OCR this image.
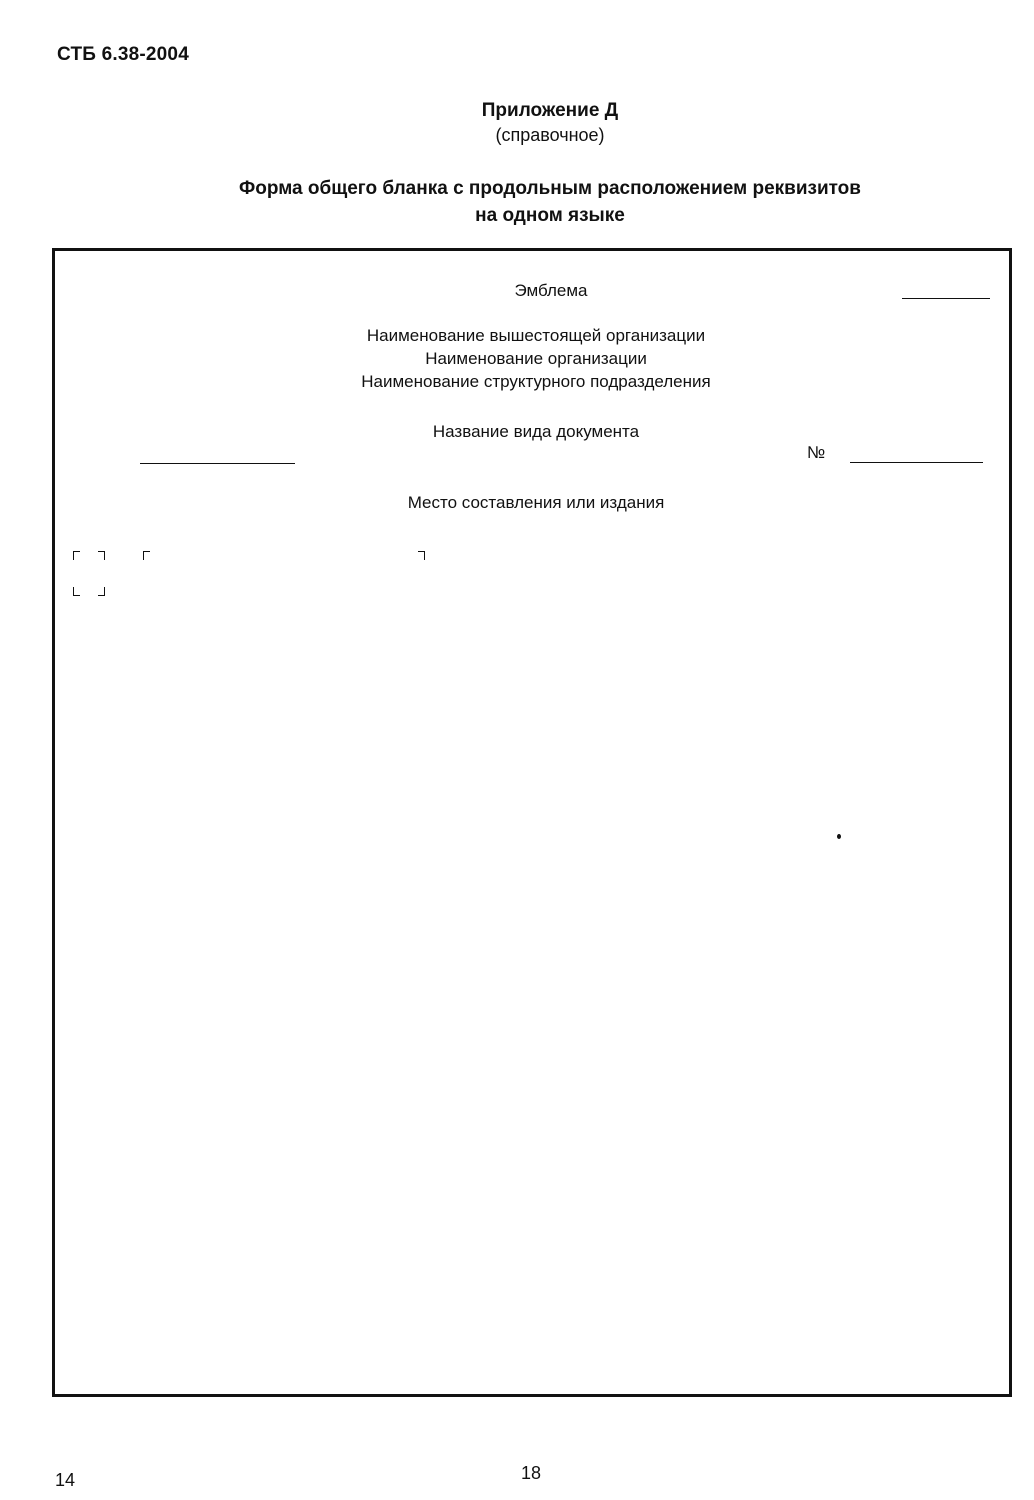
СТБ 6.38-2004
Приложение Д
(справочное)
Форма общего бланка с продольным расположением реквизитов
на одном языке
Эмблема
Наименование вышестоящей организации
Наименование организации
Наименование структурного подразделения
Название вида документа
№
Место составления или издания
14	18
